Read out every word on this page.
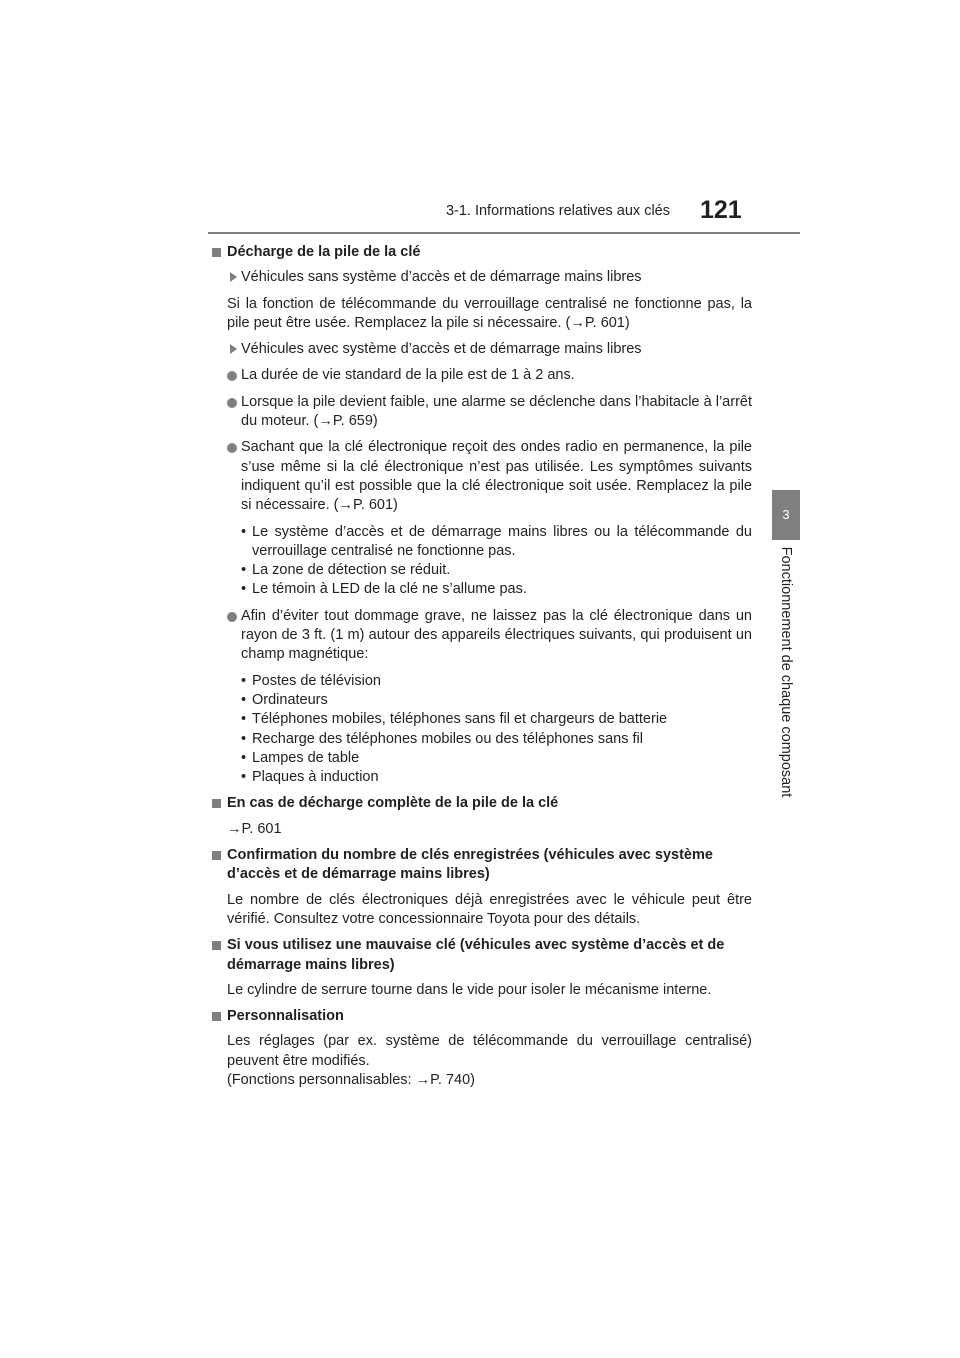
3-1. Informations relatives aux clés 121
3
Fonctionnement de chaque composant
Décharge de la pile de la clé
Véhicules sans système d’accès et de démarrage mains libres
Si la fonction de télécommande du verrouillage centralisé ne fonctionne pas, la pile peut être usée. Remplacez la pile si nécessaire. (→P. 601)
Véhicules avec système d’accès et de démarrage mains libres
La durée de vie standard de la pile est de 1 à 2 ans.
Lorsque la pile devient faible, une alarme se déclenche dans l’habitacle à l’arrêt du moteur. (→P. 659)
Sachant que la clé électronique reçoit des ondes radio en permanence, la pile s’use même si la clé électronique n’est pas utilisée. Les symptômes suivants indiquent qu’il est possible que la clé électronique soit usée. Remplacez la pile si nécessaire. (→P. 601)
• Le système d’accès et de démarrage mains libres ou la télécommande du verrouillage centralisé ne fonctionne pas.
• La zone de détection se réduit.
• Le témoin à LED de la clé ne s’allume pas.
Afin d’éviter tout dommage grave, ne laissez pas la clé électronique dans un rayon de 3 ft. (1 m) autour des appareils électriques suivants, qui produisent un champ magnétique:
• Postes de télévision
• Ordinateurs
• Téléphones mobiles, téléphones sans fil et chargeurs de batterie
• Recharge des téléphones mobiles ou des téléphones sans fil
• Lampes de table
• Plaques à induction
En cas de décharge complète de la pile de la clé
→P. 601
Confirmation du nombre de clés enregistrées (véhicules avec système d’accès et de démarrage mains libres)
Le nombre de clés électroniques déjà enregistrées avec le véhicule peut être vérifié. Consultez votre concessionnaire Toyota pour des détails.
Si vous utilisez une mauvaise clé (véhicules avec système d’accès et de démarrage mains libres)
Le cylindre de serrure tourne dans le vide pour isoler le mécanisme interne.
Personnalisation
Les réglages (par ex. système de télécommande du verrouillage centralisé) peuvent être modifiés.
(Fonctions personnalisables: →P. 740)
